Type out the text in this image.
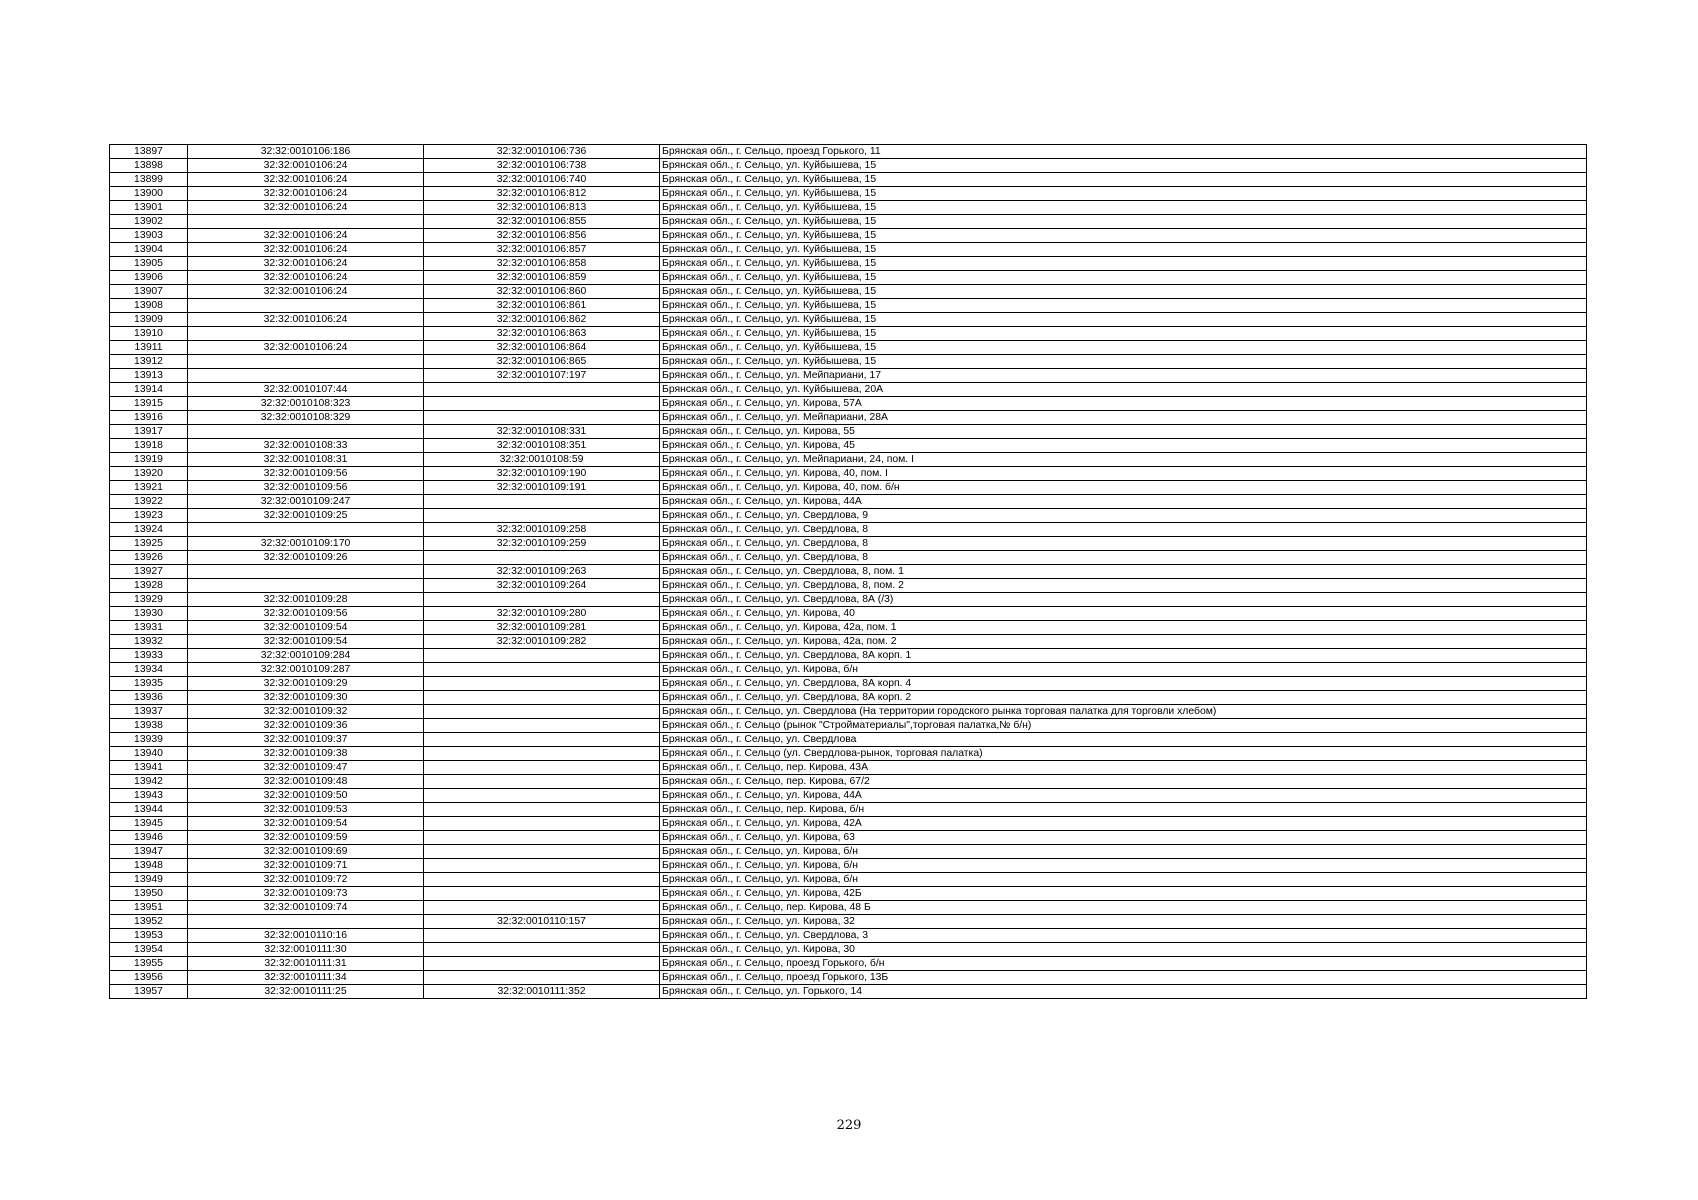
13897	32:32:0010106:186	32:32:0010106:736	Брянская обл., г. Сельцо, проезд Горького, 11
13898	32:32:0010106:24	32:32:0010106:738	Брянская обл., г. Сельцо, ул. Куйбышева, 15
13899	32:32:0010106:24	32:32:0010106:740	Брянская обл., г. Сельцо, ул. Куйбышева, 15
13900	32:32:0010106:24	32:32:0010106:812	Брянская обл., г. Сельцо, ул. Куйбышева, 15
13901	32:32:0010106:24	32:32:0010106:813	Брянская обл., г. Сельцо, ул. Куйбышева, 15
13902		32:32:0010106:855	Брянская обл., г. Сельцо, ул. Куйбышева, 15
13903	32:32:0010106:24	32:32:0010106:856	Брянская обл., г. Сельцо, ул. Куйбышева, 15
13904	32:32:0010106:24	32:32:0010106:857	Брянская обл., г. Сельцо, ул. Куйбышева, 15
13905	32:32:0010106:24	32:32:0010106:858	Брянская обл., г. Сельцо, ул. Куйбышева, 15
13906	32:32:0010106:24	32:32:0010106:859	Брянская обл., г. Сельцо, ул. Куйбышева, 15
13907	32:32:0010106:24	32:32:0010106:860	Брянская обл., г. Сельцо, ул. Куйбышева, 15
13908		32:32:0010106:861	Брянская обл., г. Сельцо, ул. Куйбышева, 15
13909	32:32:0010106:24	32:32:0010106:862	Брянская обл., г. Сельцо, ул. Куйбышева, 15
13910		32:32:0010106:863	Брянская обл., г. Сельцо, ул. Куйбышева, 15
13911	32:32:0010106:24	32:32:0010106:864	Брянская обл., г. Сельцо, ул. Куйбышева, 15
13912		32:32:0010106:865	Брянская обл., г. Сельцо, ул. Куйбышева, 15
13913		32:32:0010107:197	Брянская обл., г. Сельцо, ул. Мейпариани, 17
13914	32:32:0010107:44		Брянская обл., г. Сельцо, ул. Куйбышева, 20А
13915	32:32:0010108:323		Брянская обл., г. Сельцо, ул. Кирова, 57А
13916	32:32:0010108:329		Брянская обл., г. Сельцо, ул. Мейпариани, 28А
13917		32:32:0010108:331	Брянская обл., г. Сельцо, ул. Кирова, 55
13918	32:32:0010108:33	32:32:0010108:351	Брянская обл., г. Сельцо, ул. Кирова, 45
13919	32:32:0010108:31	32:32:0010108:59	Брянская обл., г. Сельцо, ул. Мейпариани, 24, пом. I
13920	32:32:0010109:56	32:32:0010109:190	Брянская обл., г. Сельцо, ул. Кирова, 40, пом. I
13921	32:32:0010109:56	32:32:0010109:191	Брянская обл., г. Сельцо, ул. Кирова, 40, пом. б/н
13922	32:32:0010109:247		Брянская обл., г. Сельцо, ул. Кирова, 44А
13923	32:32:0010109:25		Брянская обл., г. Сельцо, ул. Свердлова, 9
13924		32:32:0010109:258	Брянская обл., г. Сельцо, ул. Свердлова, 8
13925	32:32:0010109:170	32:32:0010109:259	Брянская обл., г. Сельцо, ул. Свердлова, 8
13926	32:32:0010109:26		Брянская обл., г. Сельцо, ул. Свердлова, 8
13927		32:32:0010109:263	Брянская обл., г. Сельцо, ул. Свердлова, 8, пом. 1
13928		32:32:0010109:264	Брянская обл., г. Сельцо, ул. Свердлова, 8, пом. 2
13929	32:32:0010109:28		Брянская обл., г. Сельцо, ул. Свердлова, 8А (/3)
13930	32:32:0010109:56	32:32:0010109:280	Брянская обл., г. Сельцо, ул. Кирова, 40
13931	32:32:0010109:54	32:32:0010109:281	Брянская обл., г. Сельцо, ул. Кирова, 42а, пом. 1
13932	32:32:0010109:54	32:32:0010109:282	Брянская обл., г. Сельцо, ул. Кирова, 42а, пом. 2
13933	32:32:0010109:284		Брянская обл., г. Сельцо, ул. Свердлова, 8А корп. 1
13934	32:32:0010109:287		Брянская обл., г. Сельцо, ул. Кирова, б/н
13935	32:32:0010109:29		Брянская обл., г. Сельцо, ул. Свердлова, 8А корп. 4
13936	32:32:0010109:30		Брянская обл., г. Сельцо, ул. Свердлова, 8А корп. 2
13937	32:32:0010109:32		Брянская обл., г. Сельцо, ул. Свердлова (На территории городского рынка торговая палатка для торговли хлебом)
13938	32:32:0010109:36		Брянская обл., г. Сельцо (рынок "Стройматериалы",торговая палатка,№ б/н)
13939	32:32:0010109:37		Брянская обл., г. Сельцо, ул. Свердлова
13940	32:32:0010109:38		Брянская обл., г. Сельцо (ул. Свердлова-рынок, торговая палатка)
13941	32:32:0010109:47		Брянская обл., г. Сельцо, пер. Кирова, 43А
13942	32:32:0010109:48		Брянская обл., г. Сельцо, пер. Кирова, 67/2
13943	32:32:0010109:50		Брянская обл., г. Сельцо, ул. Кирова, 44А
13944	32:32:0010109:53		Брянская обл., г. Сельцо, пер. Кирова, б/н
13945	32:32:0010109:54		Брянская обл., г. Сельцо, ул. Кирова, 42А
13946	32:32:0010109:59		Брянская обл., г. Сельцо, ул. Кирова, 63
13947	32:32:0010109:69		Брянская обл., г. Сельцо, ул. Кирова, б/н
13948	32:32:0010109:71		Брянская обл., г. Сельцо, ул. Кирова, б/н
13949	32:32:0010109:72		Брянская обл., г. Сельцо, ул. Кирова, б/н
13950	32:32:0010109:73		Брянская обл., г. Сельцо, ул. Кирова, 42Б
13951	32:32:0010109:74		Брянская обл., г. Сельцо, пер. Кирова, 48 Б
13952		32:32:0010110:157	Брянская обл., г. Сельцо, ул. Кирова, 32
13953	32:32:0010110:16		Брянская обл., г. Сельцо, ул. Свердлова, 3
13954	32:32:0010111:30		Брянская обл., г. Сельцо, ул. Кирова, 30
13955	32:32:0010111:31		Брянская обл., г. Сельцо, проезд Горького, б/н
13956	32:32:0010111:34		Брянская обл., г. Сельцо, проезд Горького, 13Б
13957	32:32:0010111:25	32:32:0010111:352	Брянская обл., г. Сельцо, ул. Горького, 14
229
